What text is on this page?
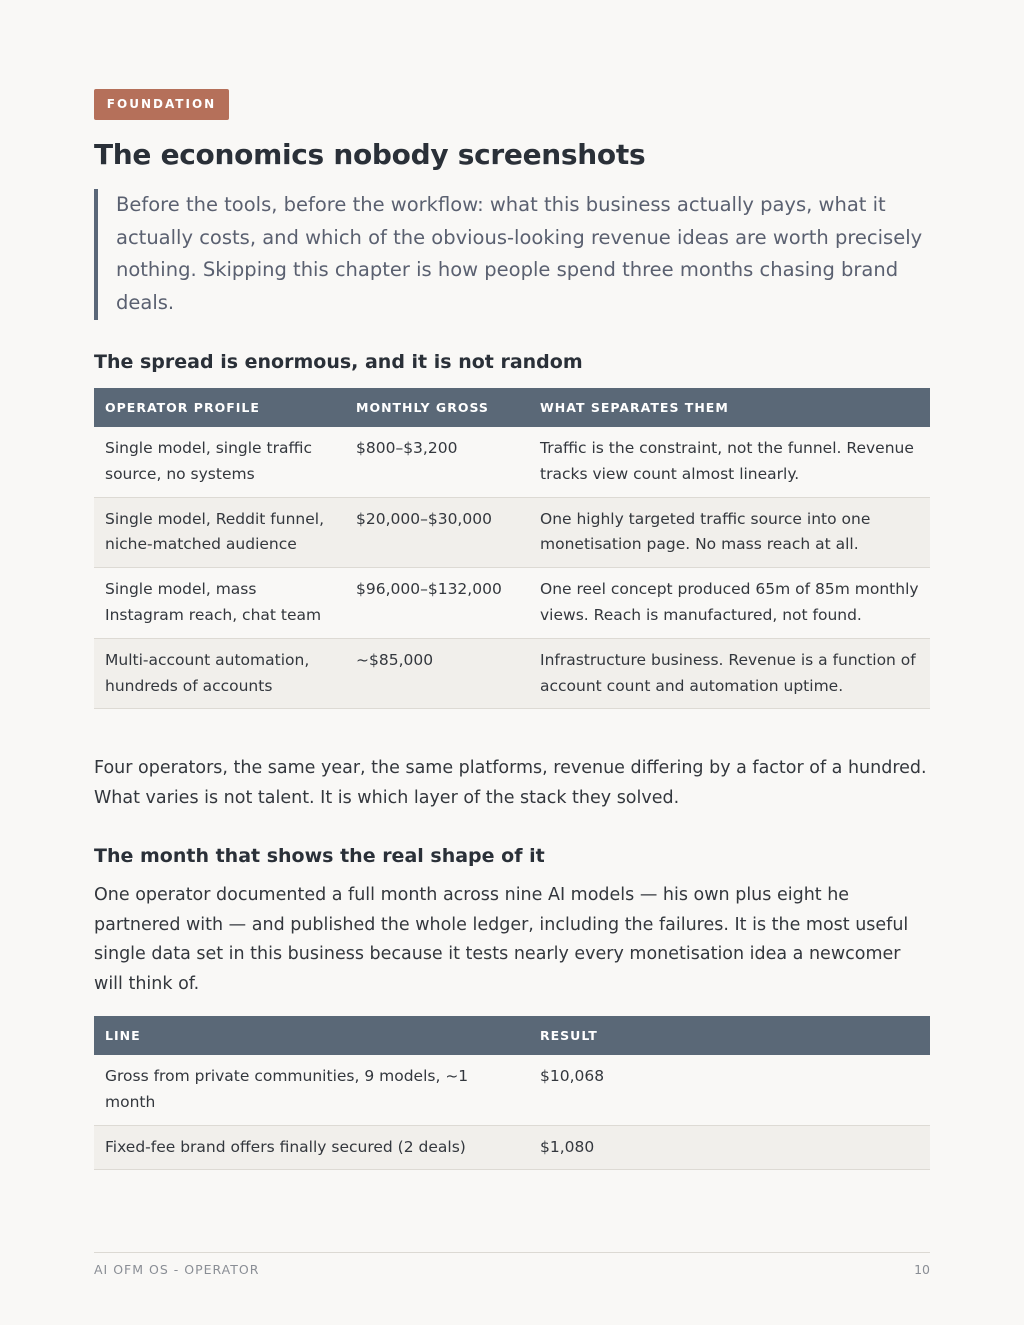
FOUNDATION
The economics nobody screenshots

Before the tools, before the workflow: what this business actually pays, what it actually costs, and which of the obvious-looking revenue ideas are worth precisely nothing. Skipping this chapter is how people spend three months chasing brand deals.

The spread is enormous, and it is not random
OPERATOR PROFILE	MONTHLY GROSS	WHAT SEPARATES THEM
Single model, single traffic source, no systems	$800–$3,200	Traffic is the constraint, not the funnel. Revenue tracks view count almost linearly.
Single model, Reddit funnel, niche-matched audience	$20,000–$30,000	One highly targeted traffic source into one monetisation page. No mass reach at all.
Single model, mass Instagram reach, chat team	$96,000–$132,000	One reel concept produced 65m of 85m monthly views. Reach is manufactured, not found.
Multi-account automation, hundreds of accounts	~$85,000	Infrastructure business. Revenue is a function of account count and automation uptime.

Four operators, the same year, the same platforms, revenue differing by a factor of a hundred. What varies is not talent. It is which layer of the stack they solved.

The month that shows the real shape of it

One operator documented a full month across nine AI models — his own plus eight he partnered with — and published the whole ledger, including the failures. It is the most useful single data set in this business because it tests nearly every monetisation idea a newcomer will think of.

LINE	RESULT
Gross from private communities, 9 models, ~1 month	$10,068
Fixed-fee brand offers finally secured (2 deals)	$1,080
AI OFM OS - OPERATOR	10
